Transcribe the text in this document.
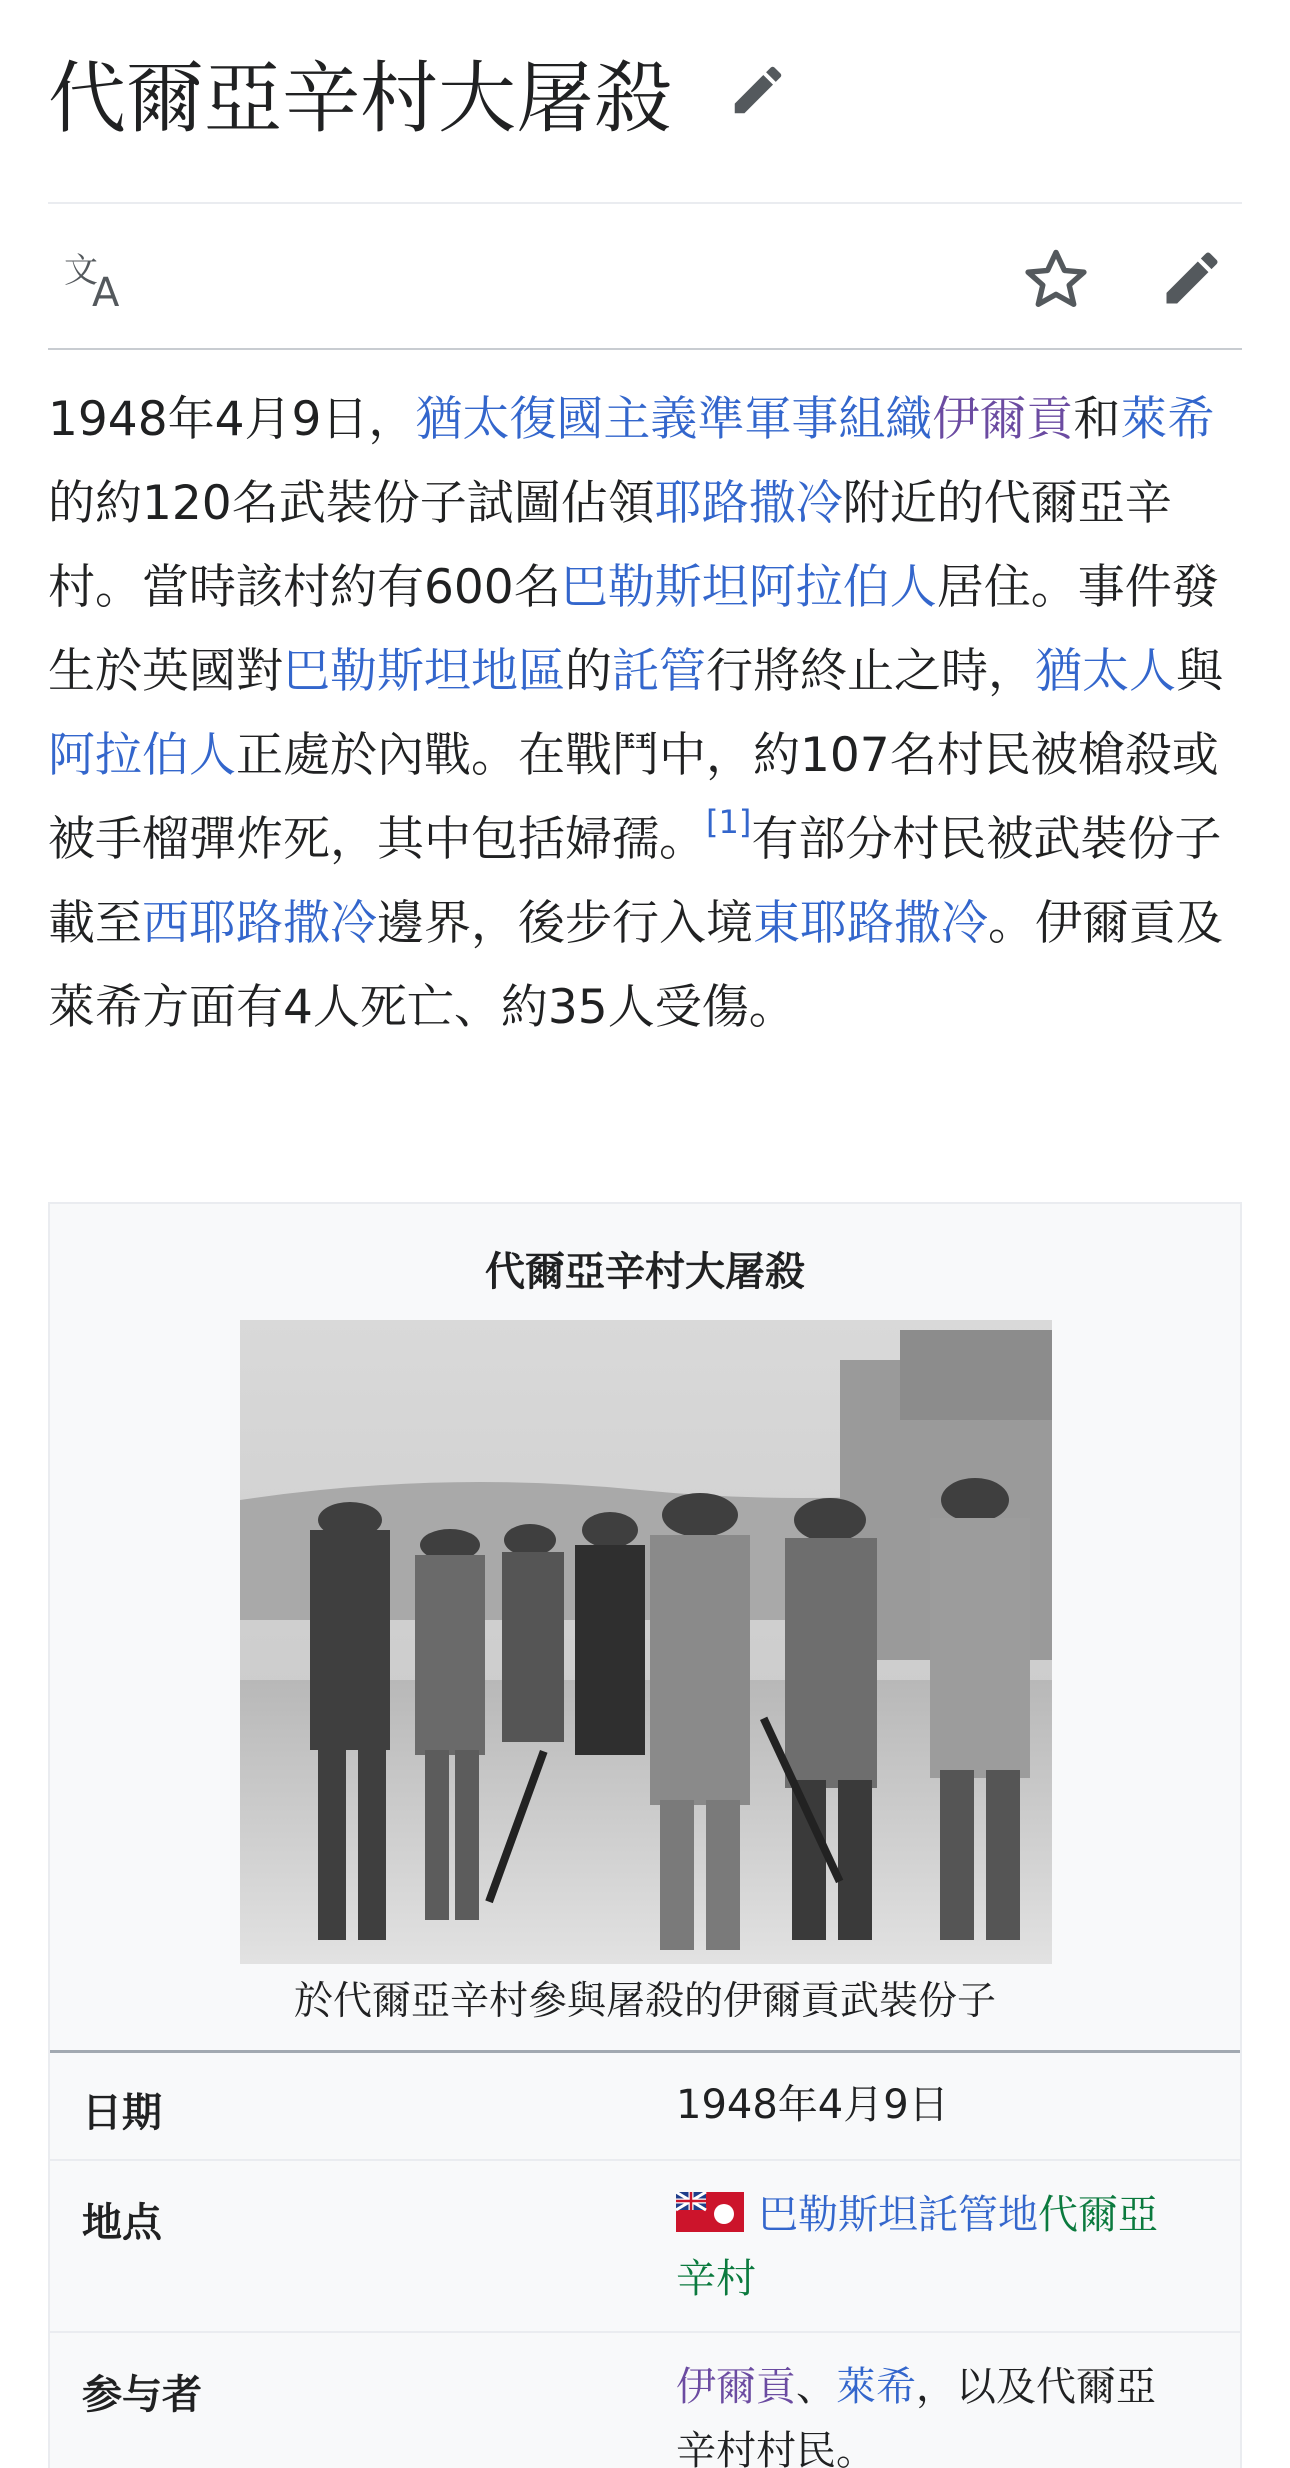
代爾亞辛村大屠殺
文
A

1948年4月9日，猶太復國主義準軍事組織伊爾貢和萊希的約120名武裝份子試圖佔領耶路撒冷附近的代爾亞辛村。當時該村約有600名巴勒斯坦阿拉伯人居住。事件發生於英國對巴勒斯坦地區的託管行將終止之時，猶太人與阿拉伯人正處於內戰。在戰鬥中，約107名村民被槍殺或被手榴彈炸死，其中包括婦孺。[1]有部分村民被武裝份子載至西耶路撒冷邊界，後步行入境東耶路撒冷。伊爾貢及萊希方面有4人死亡、約35人受傷。

代爾亞辛村大屠殺
於代爾亞辛村參與屠殺的伊爾貢武裝份子
日期	1948年4月9日
地点	巴勒斯坦託管地代爾亞
辛村
参与者	伊爾貢、萊希，以及代爾亞
辛村村民。
